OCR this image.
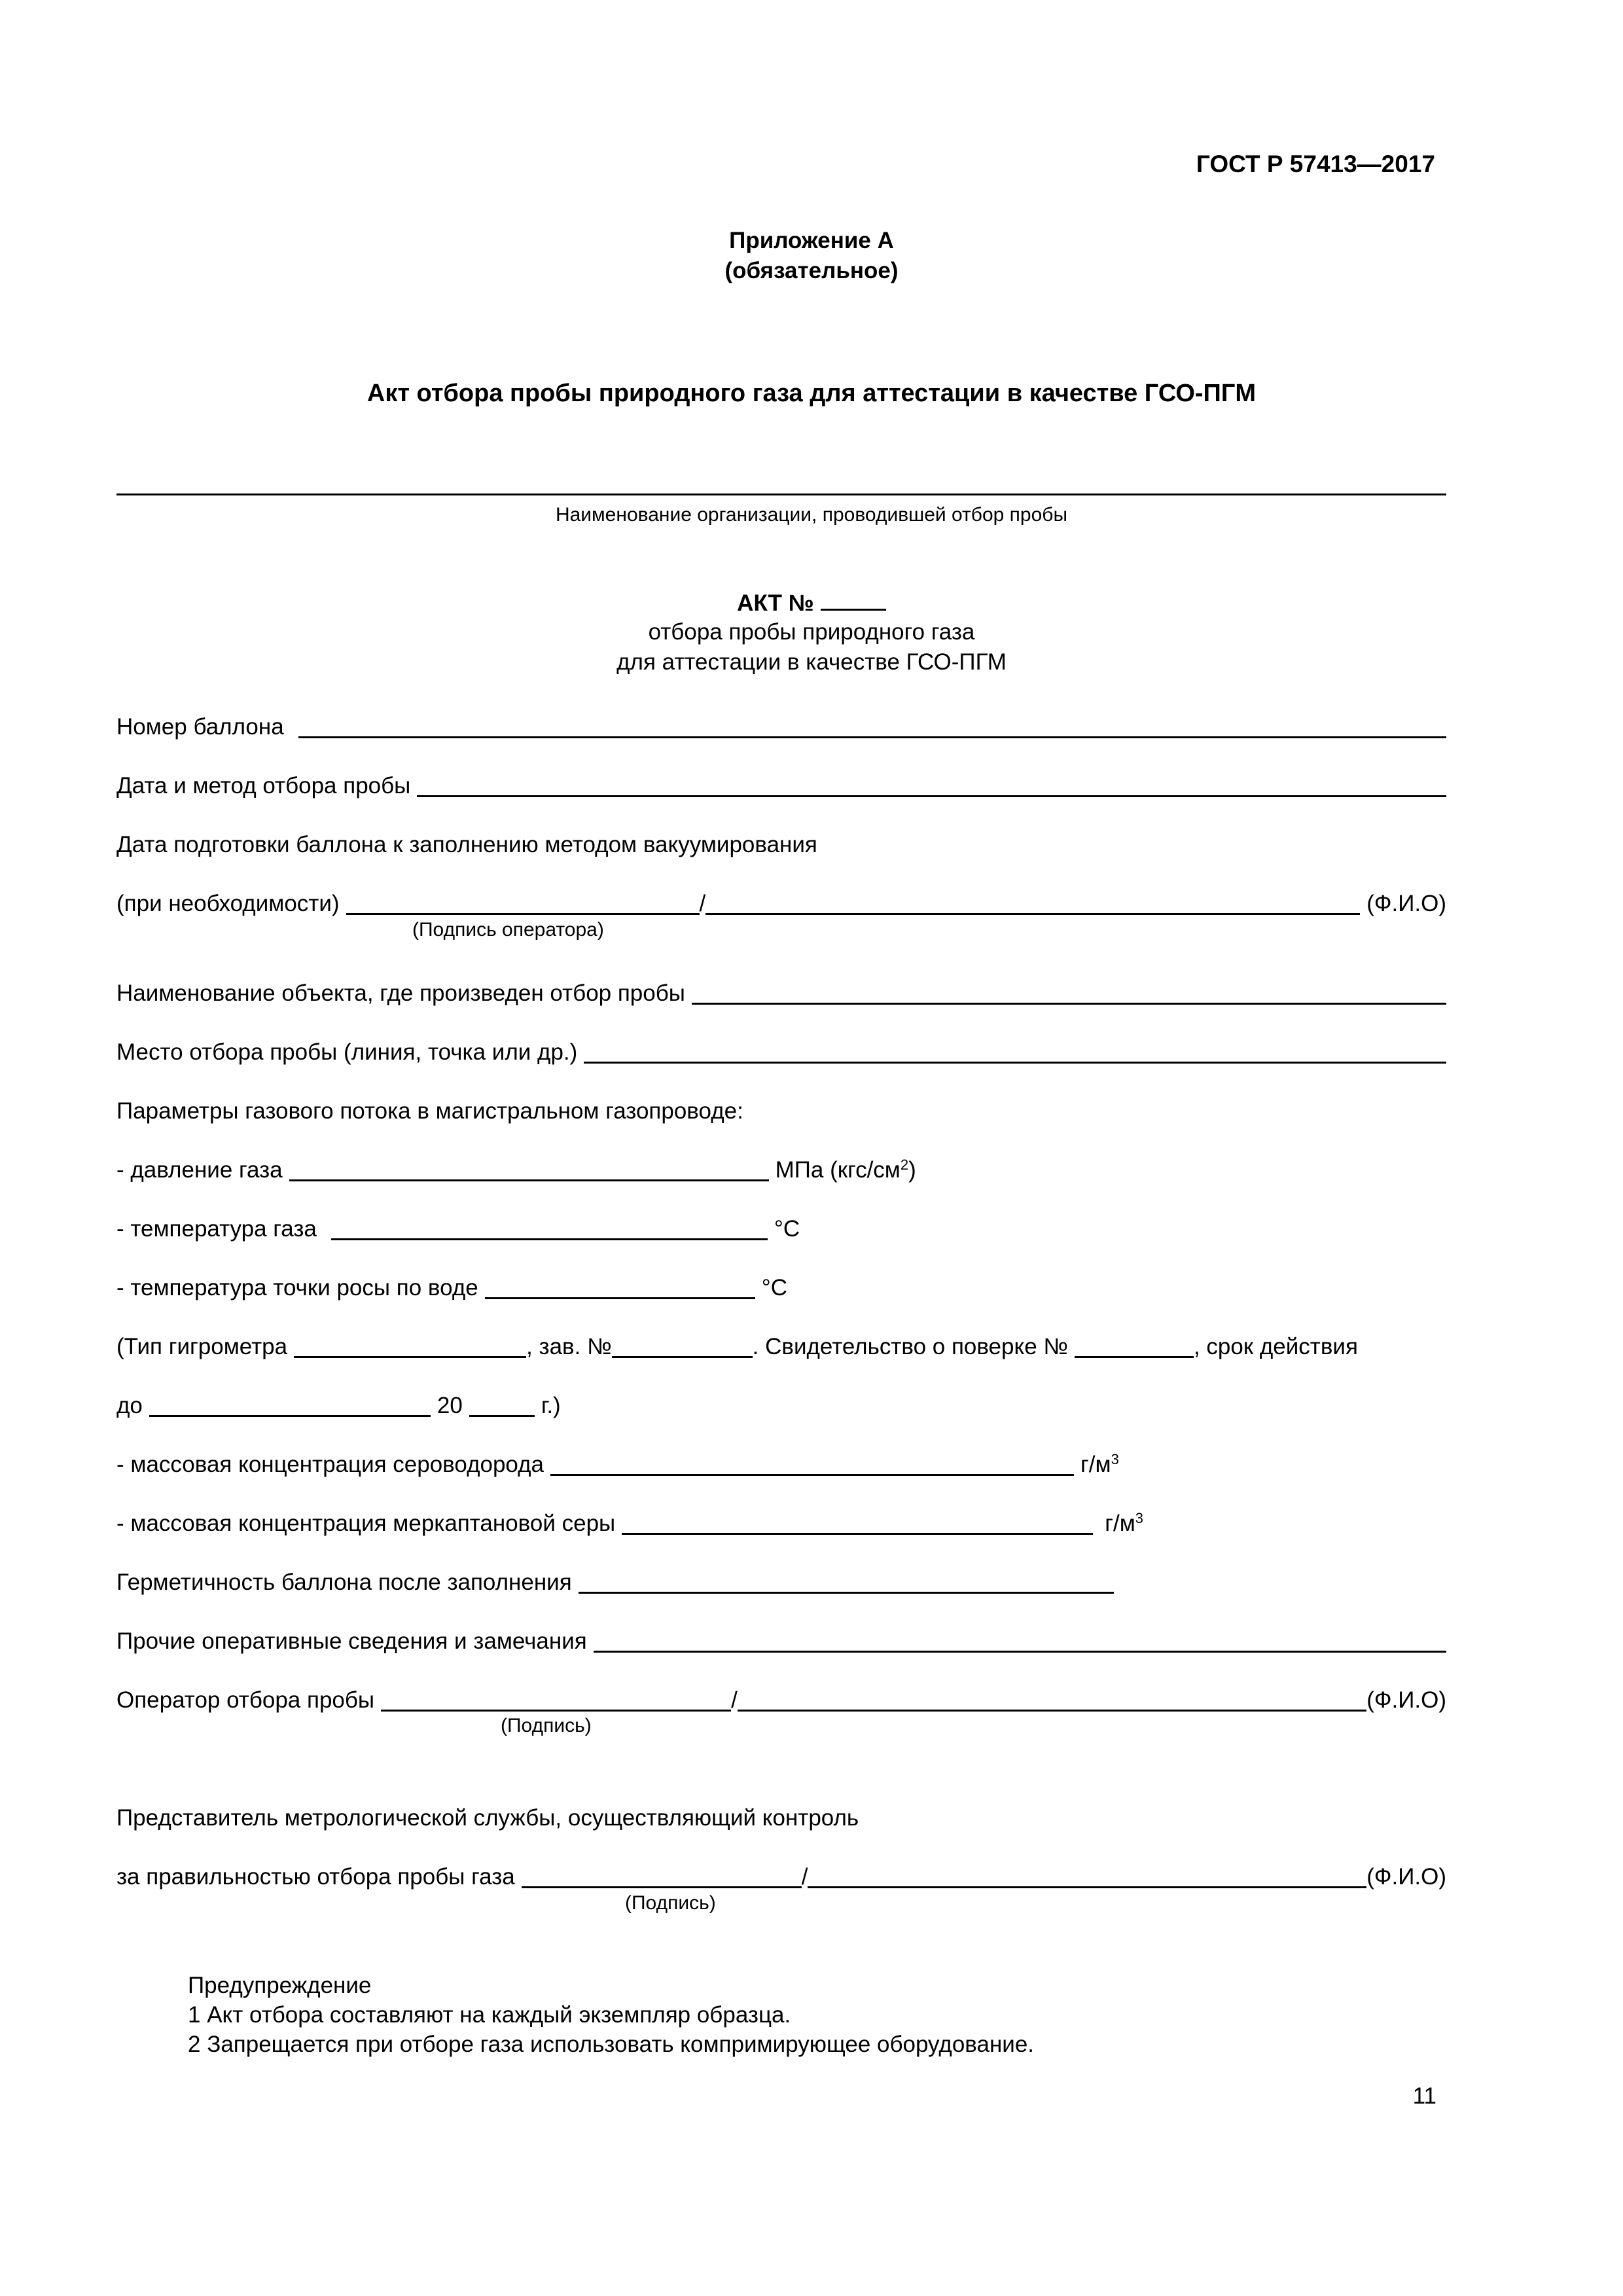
ГОСТ Р 57413—2017
Приложение А
(обязательное)
Акт отбора пробы природного газа для аттестации в качестве ГСО-ПГМ
Наименование организации, проводившей отбор пробы
АКТ №
отбора пробы природного газа
для аттестации в качестве ГСО-ПГМ
Номер баллона
Дата и метод отбора пробы
Дата подготовки баллона к заполнению методом вакуумирования
(при необходимости)	/	(Ф.И.О)
(Подпись оператора)
Наименование объекта, где произведен отбор пробы
Место отбора пробы (линия, точка или др.)
Параметры газового потока в магистральном газопроводе:
- давление газа	МПа $(кгс/см^2)$
- температура газа	°С
- температура точки росы по воде	°С
(Тип гигрометра	, зав. №	. Свидетельство о поверке №	, срок действия
до	20	г.)
- массовая концентрация сероводорода	$г/м^3$
- массовая концентрация меркаптановой серы	$г/м^3$
Герметичность баллона после заполнения
Прочие оперативные сведения и замечания
Оператор отбора пробы	/	(Ф.И.О)
(Подпись)
Представитель метрологической службы, осуществляющий контроль
за правильностью отбора пробы газа	/	(Ф.И.О)
(Подпись)
Предупреждение
1 Акт отбора составляют на каждый экземпляр образца.
2 Запрещается при отборе газа использовать компримирующее оборудование.
11
